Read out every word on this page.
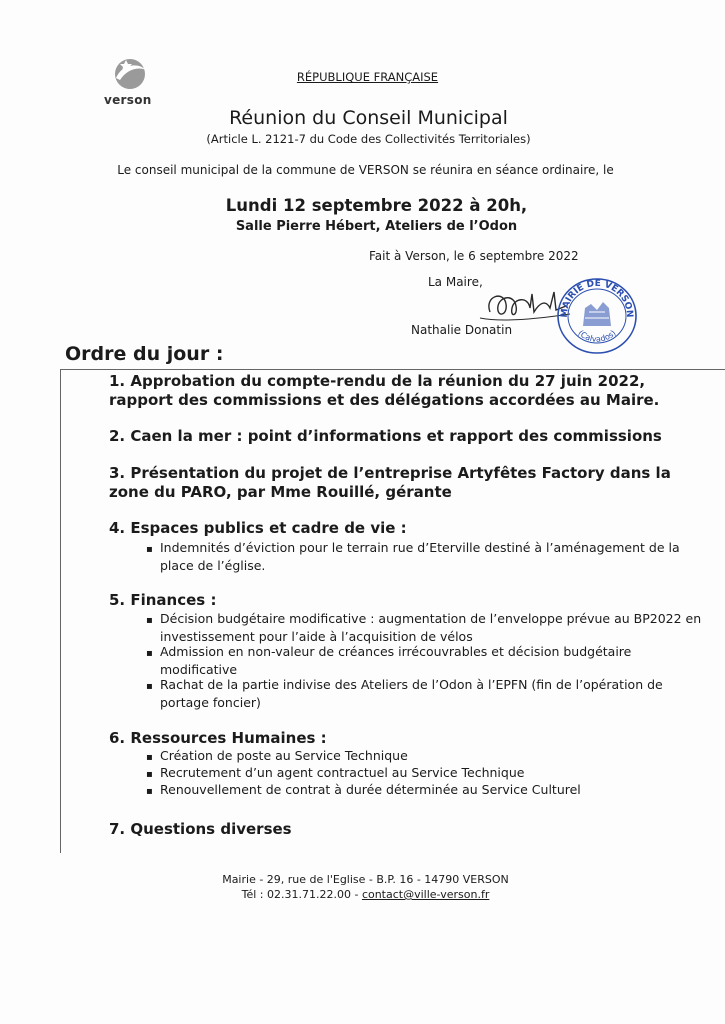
verson
RÉPUBLIQUE FRANÇAISE
Réunion du Conseil Municipal
(Article L. 2121-7 du Code des Collectivités Territoriales)
Le conseil municipal de la commune de VERSON se réunira en séance ordinaire, le
Lundi 12 septembre 2022 à 20h,
Salle Pierre Hébert, Ateliers de l’Odon
Fait à Verson, le 6 septembre 2022
La Maire,
Nathalie Donatin
MAIRIE DE VERSON
(Calvados)
Ordre du jour :
1. Approbation du compte-rendu de la réunion du 27 juin 2022, rapport des commissions et des délégations accordées au Maire.
2. Caen la mer : point d’informations et rapport des commissions
3. Présentation du projet de l’entreprise Artyfêtes Factory dans la zone du PARO, par Mme Rouillé, gérante
4. Espaces publics et cadre de vie :
▪ Indemnités d’éviction pour le terrain rue d’Eterville destiné à l’aménagement de la place de l’église.
5. Finances :
▪ Décision budgétaire modificative : augmentation de l’enveloppe prévue au BP2022 en investissement pour l’aide à l’acquisition de vélos
▪ Admission en non-valeur de créances irrécouvrables et décision budgétaire modificative
▪ Rachat de la partie indivise des Ateliers de l’Odon à l’EPFN (fin de l’opération de portage foncier)
6. Ressources Humaines :
▪ Création de poste au Service Technique
▪ Recrutement d’un agent contractuel au Service Technique
▪ Renouvellement de contrat à durée déterminée au Service Culturel
7. Questions diverses
Mairie - 29, rue de l'Eglise - B.P. 16 - 14790 VERSON
Tél : 02.31.71.22.00 - contact@ville-verson.fr
